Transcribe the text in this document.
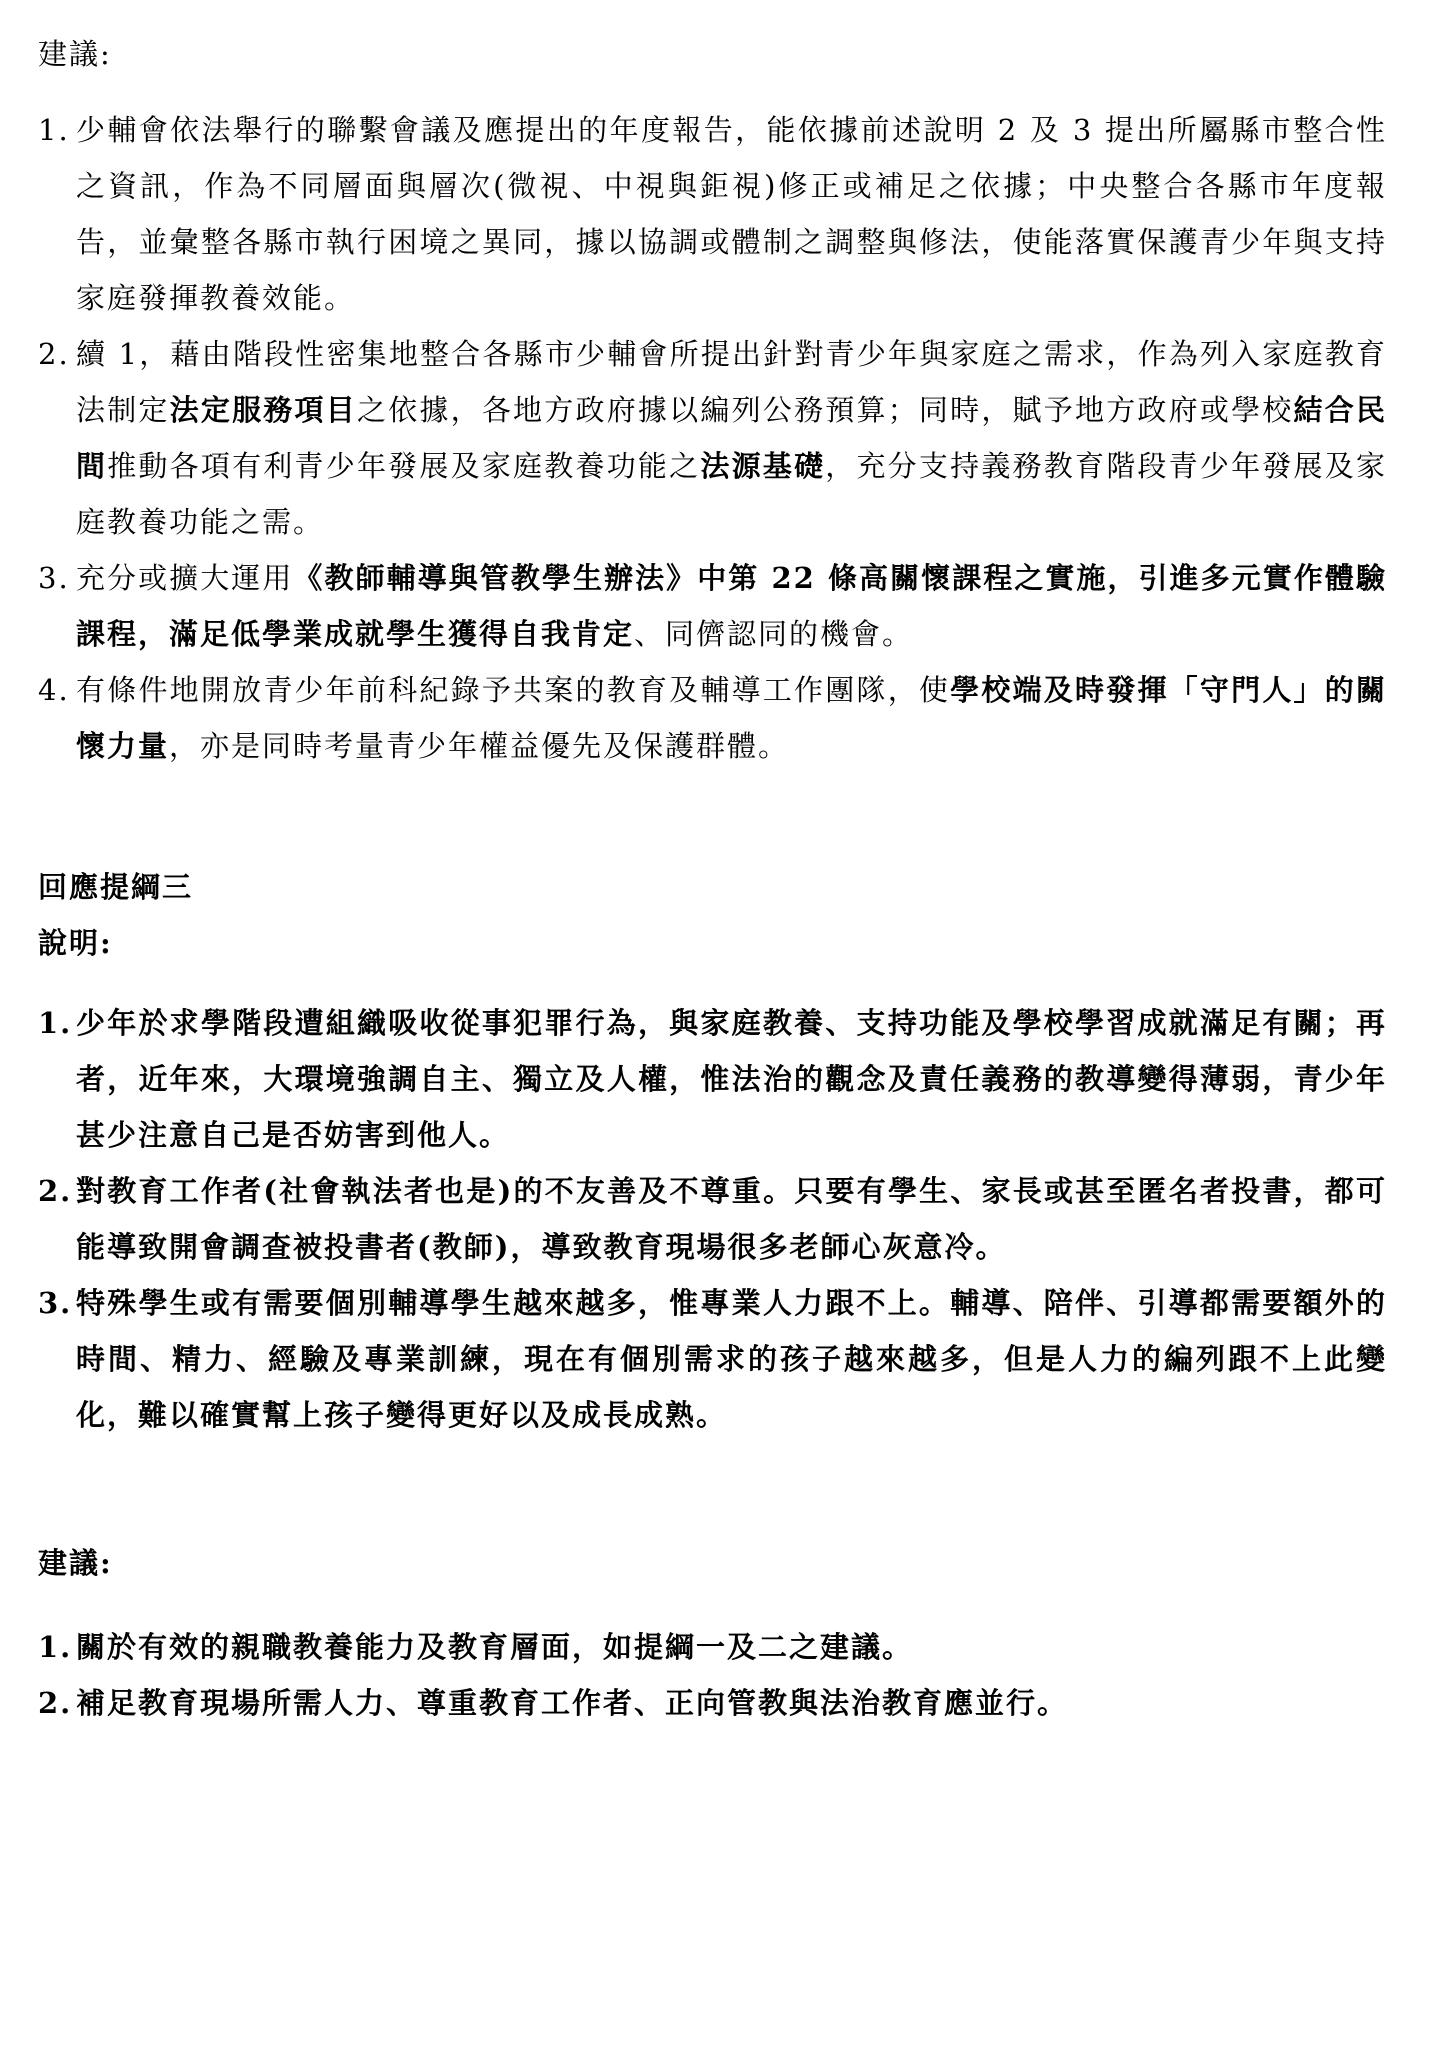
建議:
1. 少輔會依法舉行的聯繫會議及應提出的年度報告，能依據前述說明 2 及 3 提出所屬縣市整合性之資訊，作為不同層面與層次(微視、中視與鉅視)修正或補足之依據；中央整合各縣市年度報告，並彙整各縣市執行困境之異同，據以協調或體制之調整與修法，使能落實保護青少年與支持家庭發揮教養效能。
2. 續 1，藉由階段性密集地整合各縣市少輔會所提出針對青少年與家庭之需求，作為列入家庭教育法制定法定服務項目之依據，各地方政府據以編列公務預算；同時，賦予地方政府或學校結合民間推動各項有利青少年發展及家庭教養功能之法源基礎，充分支持義務教育階段青少年發展及家庭教養功能之需。
3. 充分或擴大運用《教師輔導與管教學生辦法》中第 22 條高關懷課程之實施，引進多元實作體驗課程，滿足低學業成就學生獲得自我肯定、同儕認同的機會。
4. 有條件地開放青少年前科紀錄予共案的教育及輔導工作團隊，使學校端及時發揮「守門人」的關懷力量，亦是同時考量青少年權益優先及保護群體。
回應提綱三
說明:
1. 少年於求學階段遭組織吸收從事犯罪行為，與家庭教養、支持功能及學校學習成就滿足有關；再者，近年來，大環境強調自主、獨立及人權，惟法治的觀念及責任義務的教導變得薄弱，青少年甚少注意自己是否妨害到他人。
2. 對教育工作者(社會執法者也是)的不友善及不尊重。只要有學生、家長或甚至匿名者投書，都可能導致開會調查被投書者(教師)，導致教育現場很多老師心灰意冷。
3. 特殊學生或有需要個別輔導學生越來越多，惟專業人力跟不上。輔導、陪伴、引導都需要額外的時間、精力、經驗及專業訓練，現在有個別需求的孩子越來越多，但是人力的編列跟不上此變化，難以確實幫上孩子變得更好以及成長成熟。
建議:
1. 關於有效的親職教養能力及教育層面，如提綱一及二之建議。
2. 補足教育現場所需人力、尊重教育工作者、正向管教與法治教育應並行。
